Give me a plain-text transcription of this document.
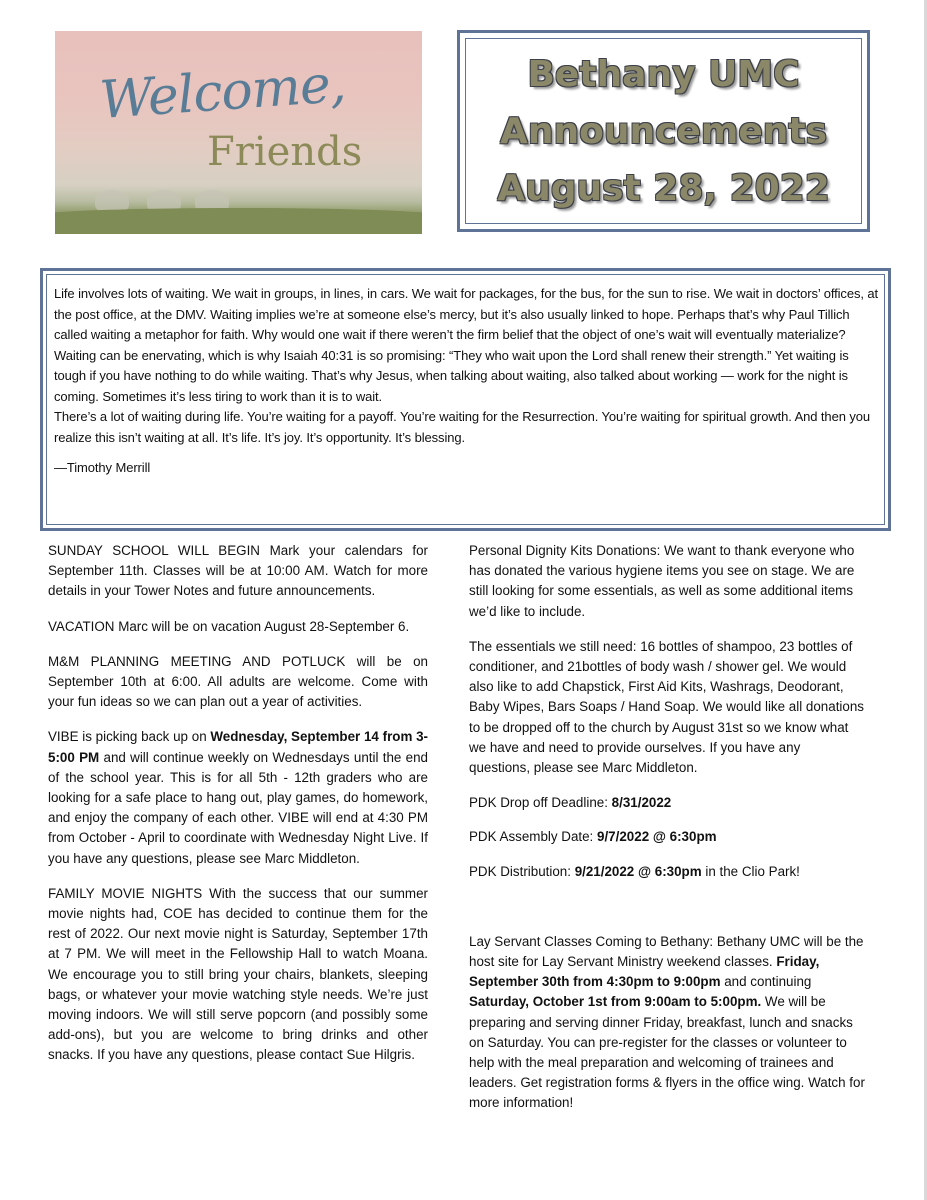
Welcome,
Friends
Bethany UMC
Announcements
August 28, 2022

Life involves lots of waiting. We wait in groups, in lines, in cars. We wait for packages, for the bus, for the sun to rise. We wait in doctors’ offices, at the post office, at the DMV. Waiting implies we’re at someone else’s mercy, but it’s also usually linked to hope. Perhaps that’s why Paul Tillich called waiting a metaphor for faith. Why would one wait if there weren’t the firm belief that the object of one’s wait will eventually materialize?

Waiting can be enervating, which is why Isaiah 40:31 is so promising: “They who wait upon the Lord shall renew their strength.” Yet waiting is tough if you have nothing to do while waiting. That’s why Jesus, when talking about waiting, also talked about working — work for the night is coming. Sometimes it’s less tiring to work than it is to wait.

There’s a lot of waiting during life. You’re waiting for a payoff. You’re waiting for the Resurrection. You’re waiting for spiritual growth. And then you realize this isn’t waiting at all. It’s life. It’s joy. It’s opportunity. It’s blessing.

—Timothy Merrill

SUNDAY SCHOOL WILL BEGIN Mark your calendars for September 11th. Classes will be at 10:00 AM. Watch for more details in your Tower Notes and future announcements.

VACATION Marc will be on vacation August 28-September 6.

M&M PLANNING MEETING AND POTLUCK will be on September 10th at 6:00. All adults are welcome. Come with your fun ideas so we can plan out a year of activities.

VIBE is picking back up on Wednesday, September 14 from 3-5:00 PM and will continue weekly on Wednesdays until the end of the school year. This is for all 5th - 12th graders who are looking for a safe place to hang out, play games, do homework, and enjoy the company of each other. VIBE will end at 4:30 PM from October - April to coordinate with Wednesday Night Live. If you have any questions, please see Marc Middleton.

FAMILY MOVIE NIGHTS With the success that our summer movie nights had, COE has decided to continue them for the rest of 2022. Our next movie night is Saturday, September 17th at 7 PM. We will meet in the Fellowship Hall to watch Moana. We encourage you to still bring your chairs, blankets, sleeping bags, or whatever your movie watching style needs. We’re just moving indoors. We will still serve popcorn (and possibly some add-ons), but you are welcome to bring drinks and other snacks. If you have any questions, please contact Sue Hilgris.

Personal Dignity Kits Donations: We want to thank everyone who has donated the various hygiene items you see on stage. We are still looking for some essentials, as well as some additional items we’d like to include.

The essentials we still need: 16 bottles of shampoo, 23 bottles of conditioner, and 21bottles of body wash / shower gel. We would also like to add Chapstick, First Aid Kits, Washrags, Deodorant, Baby Wipes, Bars Soaps / Hand Soap. We would like all donations to be dropped off to the church by August 31st so we know what we have and need to provide ourselves. If you have any questions, please see Marc Middleton.

PDK Drop off Deadline: 8/31/2022

PDK Assembly Date: 9/7/2022 @ 6:30pm

PDK Distribution: 9/21/2022 @ 6:30pm in the Clio Park!

Lay Servant Classes Coming to Bethany: Bethany UMC will be the host site for Lay Servant Ministry weekend classes. Friday, September 30th from 4:30pm to 9:00pm and continuing Saturday, October 1st from 9:00am to 5:00pm. We will be preparing and serving dinner Friday, breakfast, lunch and snacks on Saturday. You can pre-register for the classes or volunteer to help with the meal preparation and welcoming of trainees and leaders. Get registration forms & flyers in the office wing. Watch for more information!
